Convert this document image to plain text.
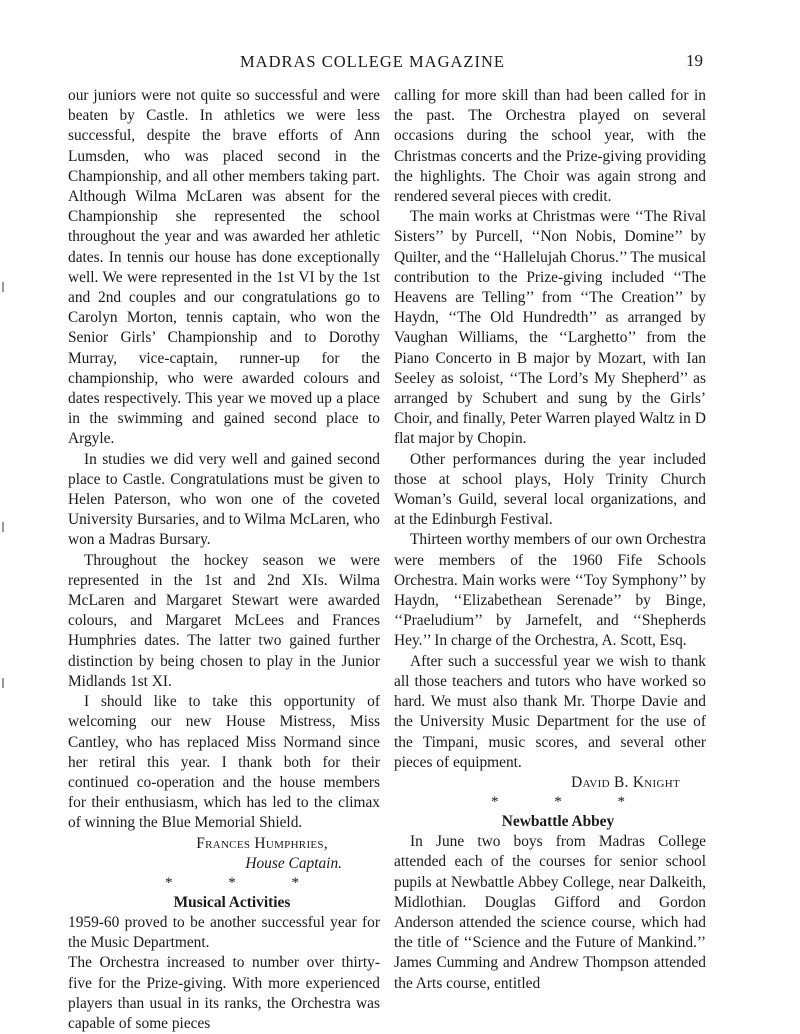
MADRAS COLLEGE MAGAZINE	19

our juniors were not quite so successful and were beaten by Castle. In athletics we were less successful, despite the brave efforts of Ann Lumsden, who was placed second in the Championship, and all other members taking part. Although Wilma McLaren was absent for the Championship she represented the school throughout the year and was awarded her athletic dates. In tennis our house has done exceptionally well. We were represented in the 1st VI by the 1st and 2nd couples and our congratulations go to Carolyn Morton, tennis captain, who won the Senior Girls’ Championship and to Dorothy Murray, vice-captain, runner-up for the championship, who were awarded colours and dates respectively. This year we moved up a place in the swimming and gained second place to Argyle.

In studies we did very well and gained second place to Castle. Congratulations must be given to Helen Paterson, who won one of the coveted University Bursaries, and to Wilma McLaren, who won a Madras Bursary.

Throughout the hockey season we were represented in the 1st and 2nd XIs. Wilma McLaren and Margaret Stewart were awarded colours, and Margaret McLees and Frances Humphries dates. The latter two gained further distinction by being chosen to play in the Junior Midlands 1st XI.

I should like to take this opportunity of welcoming our new House Mistress, Miss Cantley, who has replaced Miss Normand since her retiral this year. I thank both for their continued co-operation and the house members for their enthusiasm, which has led to the climax of winning the Blue Memorial Shield.

Frances Humphries,

House Captain.

* * *

Musical Activities

1959-60 proved to be another successful year for the Music Department.

The Orchestra increased to number over thirty-five for the Prize-giving. With more experienced players than usual in its ranks, the Orchestra was capable of some pieces

calling for more skill than had been called for in the past. The Orchestra played on several occasions during the school year, with the Christmas concerts and the Prize-giving providing the highlights. The Choir was again strong and rendered several pieces with credit.

The main works at Christmas were ‘‘The Rival Sisters’’ by Purcell, ‘‘Non Nobis, Domine’’ by Quilter, and the ‘‘Hallelujah Chorus.’’ The musical contribution to the Prize-giving included ‘‘The Heavens are Telling’’ from ‘‘The Creation’’ by Haydn, ‘‘The Old Hundredth’’ as arranged by Vaughan Williams, the ‘‘Larghetto’’ from the Piano Concerto in B major by Mozart, with Ian Seeley as soloist, ‘‘The Lord’s My Shepherd’’ as arranged by Schubert and sung by the Girls’ Choir, and finally, Peter Warren played Waltz in D flat major by Chopin.

Other performances during the year included those at school plays, Holy Trinity Church Woman’s Guild, several local organizations, and at the Edinburgh Festival.

Thirteen worthy members of our own Orchestra were members of the 1960 Fife Schools Orchestra. Main works were ‘‘Toy Symphony’’ by Haydn, ‘‘Elizabethean Serenade’’ by Binge, ‘‘Praeludium’’ by Jarnefelt, and ‘‘Shepherds Hey.’’ In charge of the Orchestra, A. Scott, Esq.

After such a successful year we wish to thank all those teachers and tutors who have worked so hard. We must also thank Mr. Thorpe Davie and the University Music Department for the use of the Timpani, music scores, and several other pieces of equipment.

David B. Knight

* * *

Newbattle Abbey

In June two boys from Madras College attended each of the courses for senior school pupils at Newbattle Abbey College, near Dalkeith, Midlothian. Douglas Gifford and Gordon Anderson attended the science course, which had the title of ‘‘Science and the Future of Mankind.’’ James Cumming and Andrew Thompson attended the Arts course, entitled
